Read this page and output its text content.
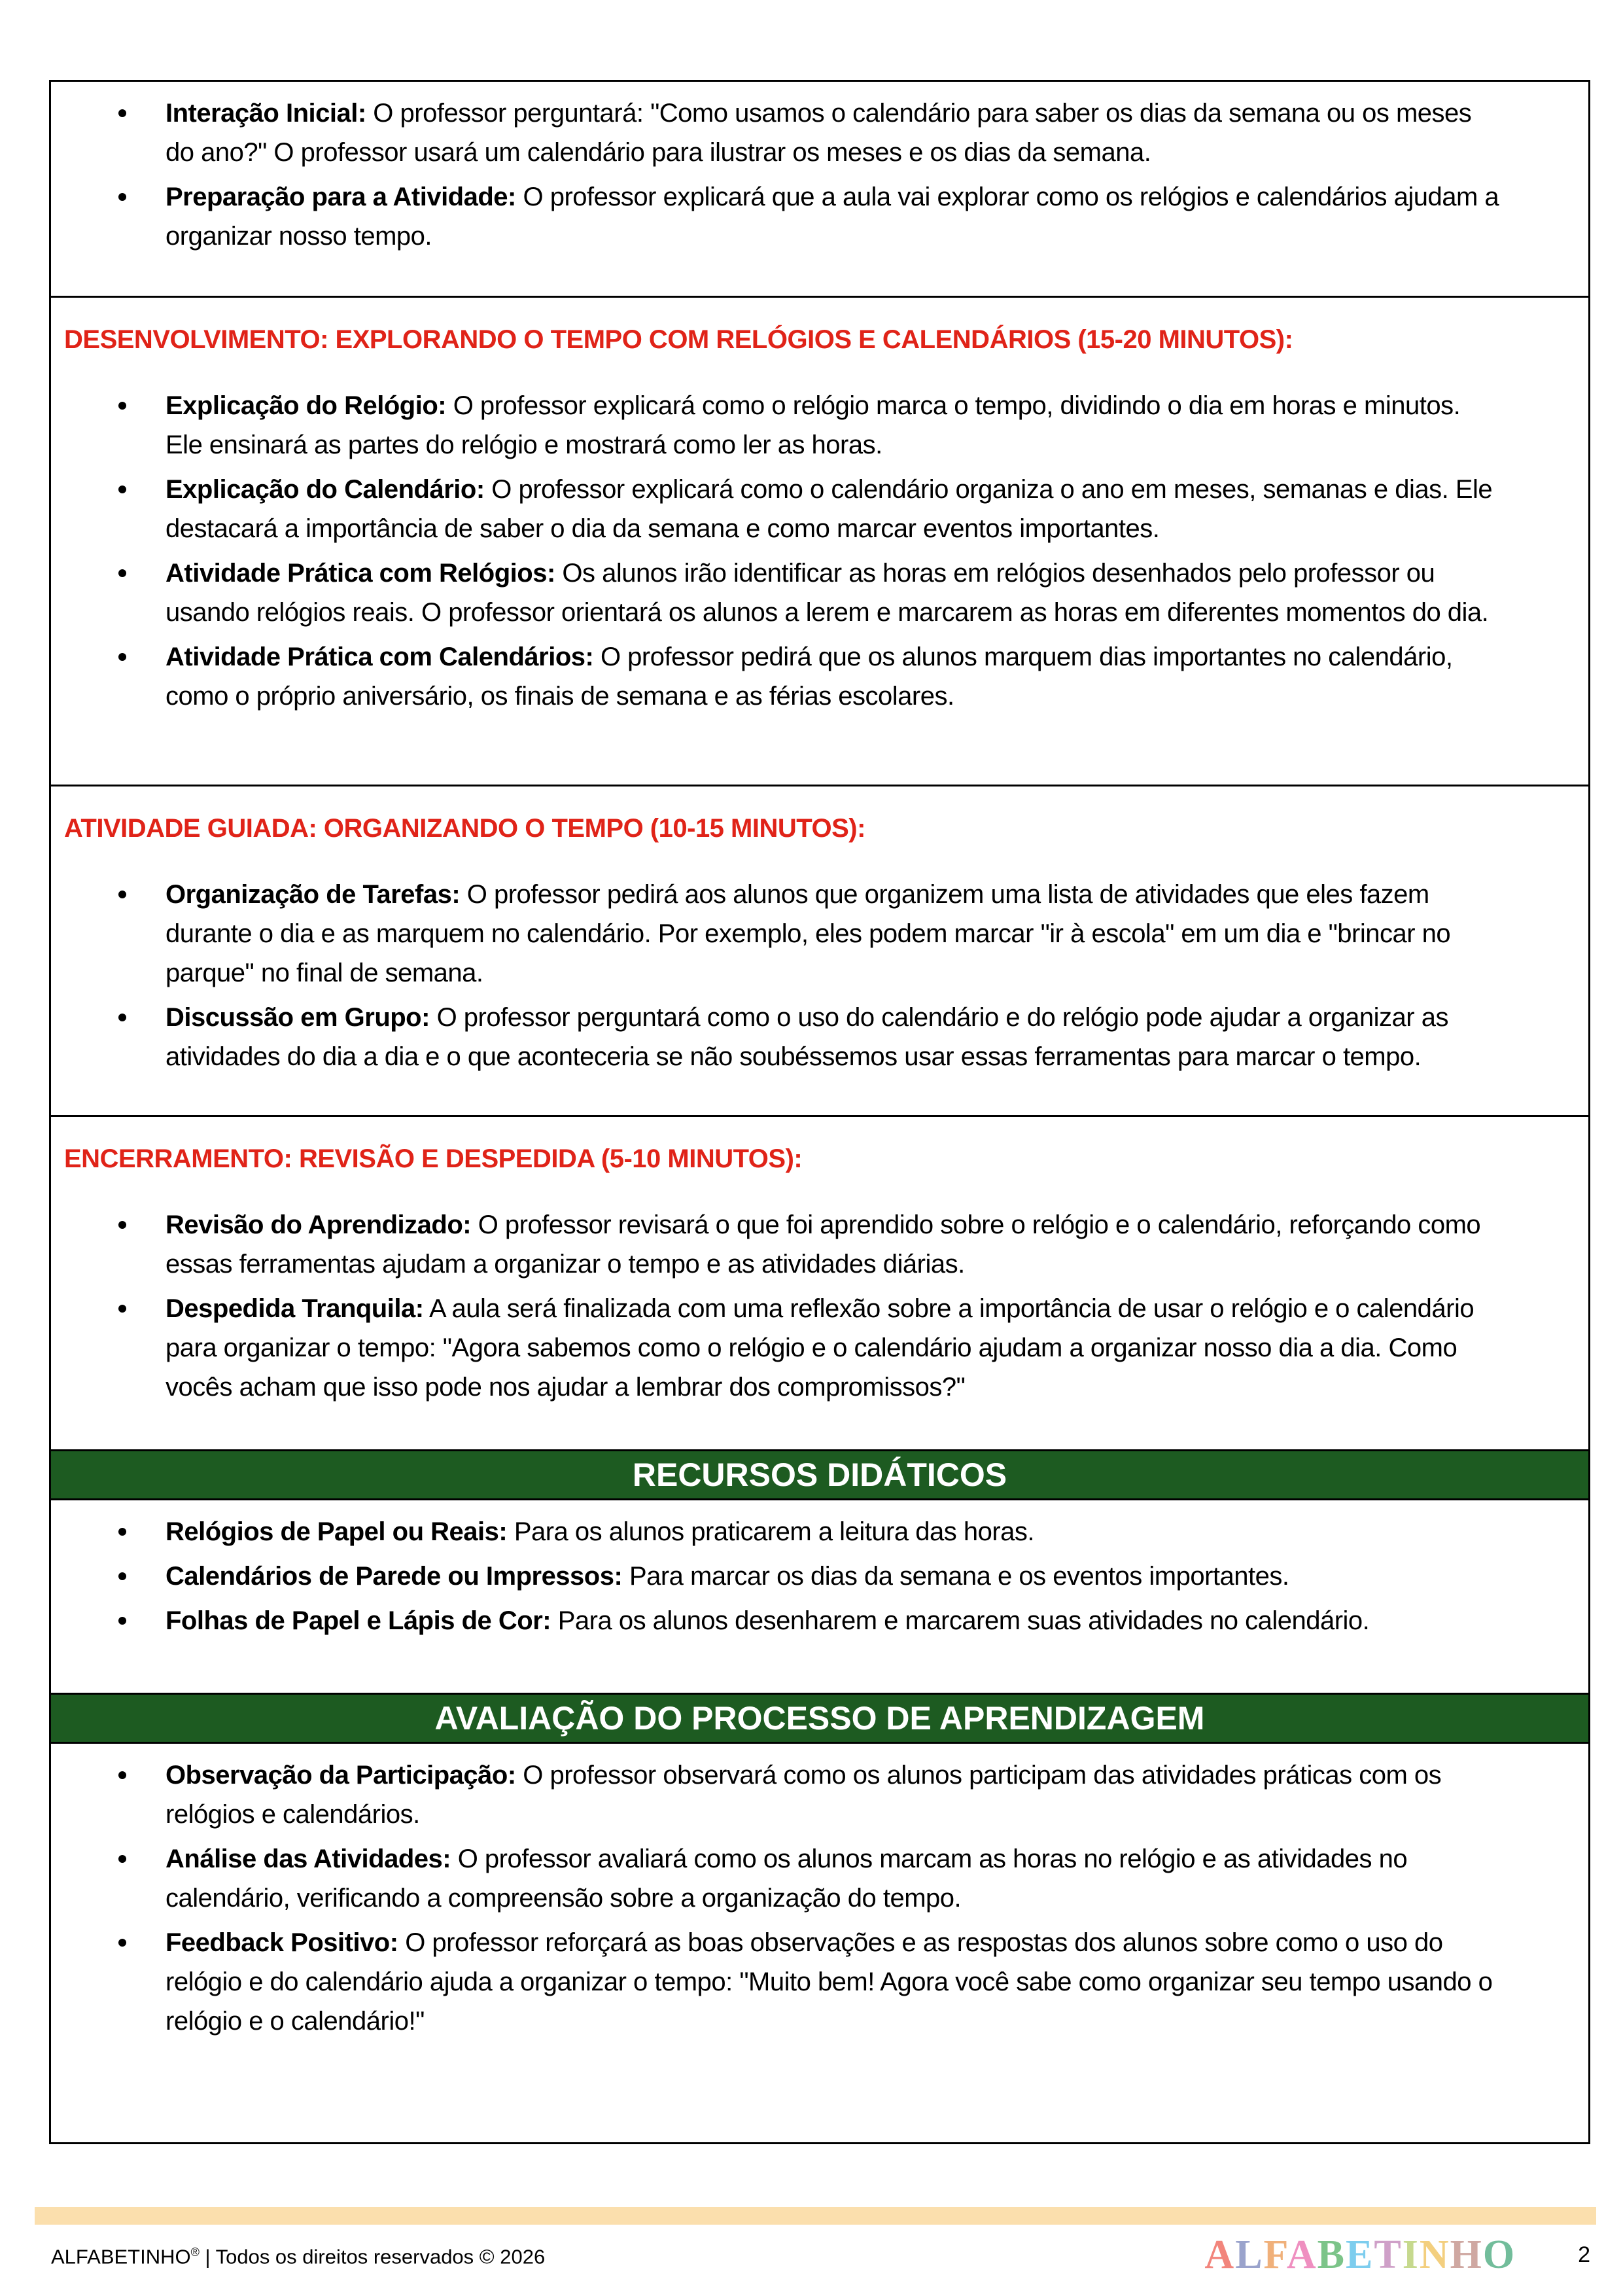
Interação Inicial: O professor perguntará: "Como usamos o calendário para saber os dias da semana ou os meses do ano?" O professor usará um calendário para ilustrar os meses e os dias da semana.
Preparação para a Atividade: O professor explicará que a aula vai explorar como os relógios e calendários ajudam a organizar nosso tempo.
DESENVOLVIMENTO: EXPLORANDO O TEMPO COM RELÓGIOS E CALENDÁRIOS (15-20 MINUTOS):
Explicação do Relógio: O professor explicará como o relógio marca o tempo, dividindo o dia em horas e minutos. Ele ensinará as partes do relógio e mostrará como ler as horas.
Explicação do Calendário: O professor explicará como o calendário organiza o ano em meses, semanas e dias. Ele destacará a importância de saber o dia da semana e como marcar eventos importantes.
Atividade Prática com Relógios: Os alunos irão identificar as horas em relógios desenhados pelo professor ou usando relógios reais. O professor orientará os alunos a lerem e marcarem as horas em diferentes momentos do dia.
Atividade Prática com Calendários: O professor pedirá que os alunos marquem dias importantes no calendário, como o próprio aniversário, os finais de semana e as férias escolares.
ATIVIDADE GUIADA: ORGANIZANDO O TEMPO (10-15 MINUTOS):
Organização de Tarefas: O professor pedirá aos alunos que organizem uma lista de atividades que eles fazem durante o dia e as marquem no calendário. Por exemplo, eles podem marcar "ir à escola" em um dia e "brincar no parque" no final de semana.
Discussão em Grupo: O professor perguntará como o uso do calendário e do relógio pode ajudar a organizar as atividades do dia a dia e o que aconteceria se não soubéssemos usar essas ferramentas para marcar o tempo.
ENCERRAMENTO: REVISÃO E DESPEDIDA (5-10 MINUTOS):
Revisão do Aprendizado: O professor revisará o que foi aprendido sobre o relógio e o calendário, reforçando como essas ferramentas ajudam a organizar o tempo e as atividades diárias.
Despedida Tranquila: A aula será finalizada com uma reflexão sobre a importância de usar o relógio e o calendário para organizar o tempo: "Agora sabemos como o relógio e o calendário ajudam a organizar nosso dia a dia. Como vocês acham que isso pode nos ajudar a lembrar dos compromissos?"
RECURSOS DIDÁTICOS
Relógios de Papel ou Reais: Para os alunos praticarem a leitura das horas.
Calendários de Parede ou Impressos: Para marcar os dias da semana e os eventos importantes.
Folhas de Papel e Lápis de Cor: Para os alunos desenharem e marcarem suas atividades no calendário.
AVALIAÇÃO DO PROCESSO DE APRENDIZAGEM
Observação da Participação: O professor observará como os alunos participam das atividades práticas com os relógios e calendários.
Análise das Atividades: O professor avaliará como os alunos marcam as horas no relógio e as atividades no calendário, verificando a compreensão sobre a organização do tempo.
Feedback Positivo: O professor reforçará as boas observações e as respostas dos alunos sobre como o uso do relógio e do calendário ajuda a organizar o tempo: "Muito bem! Agora você sabe como organizar seu tempo usando o relógio e o calendário!"
ALFABETINHO® | Todos os direitos reservados © 2026	ALFABETINHO	2
